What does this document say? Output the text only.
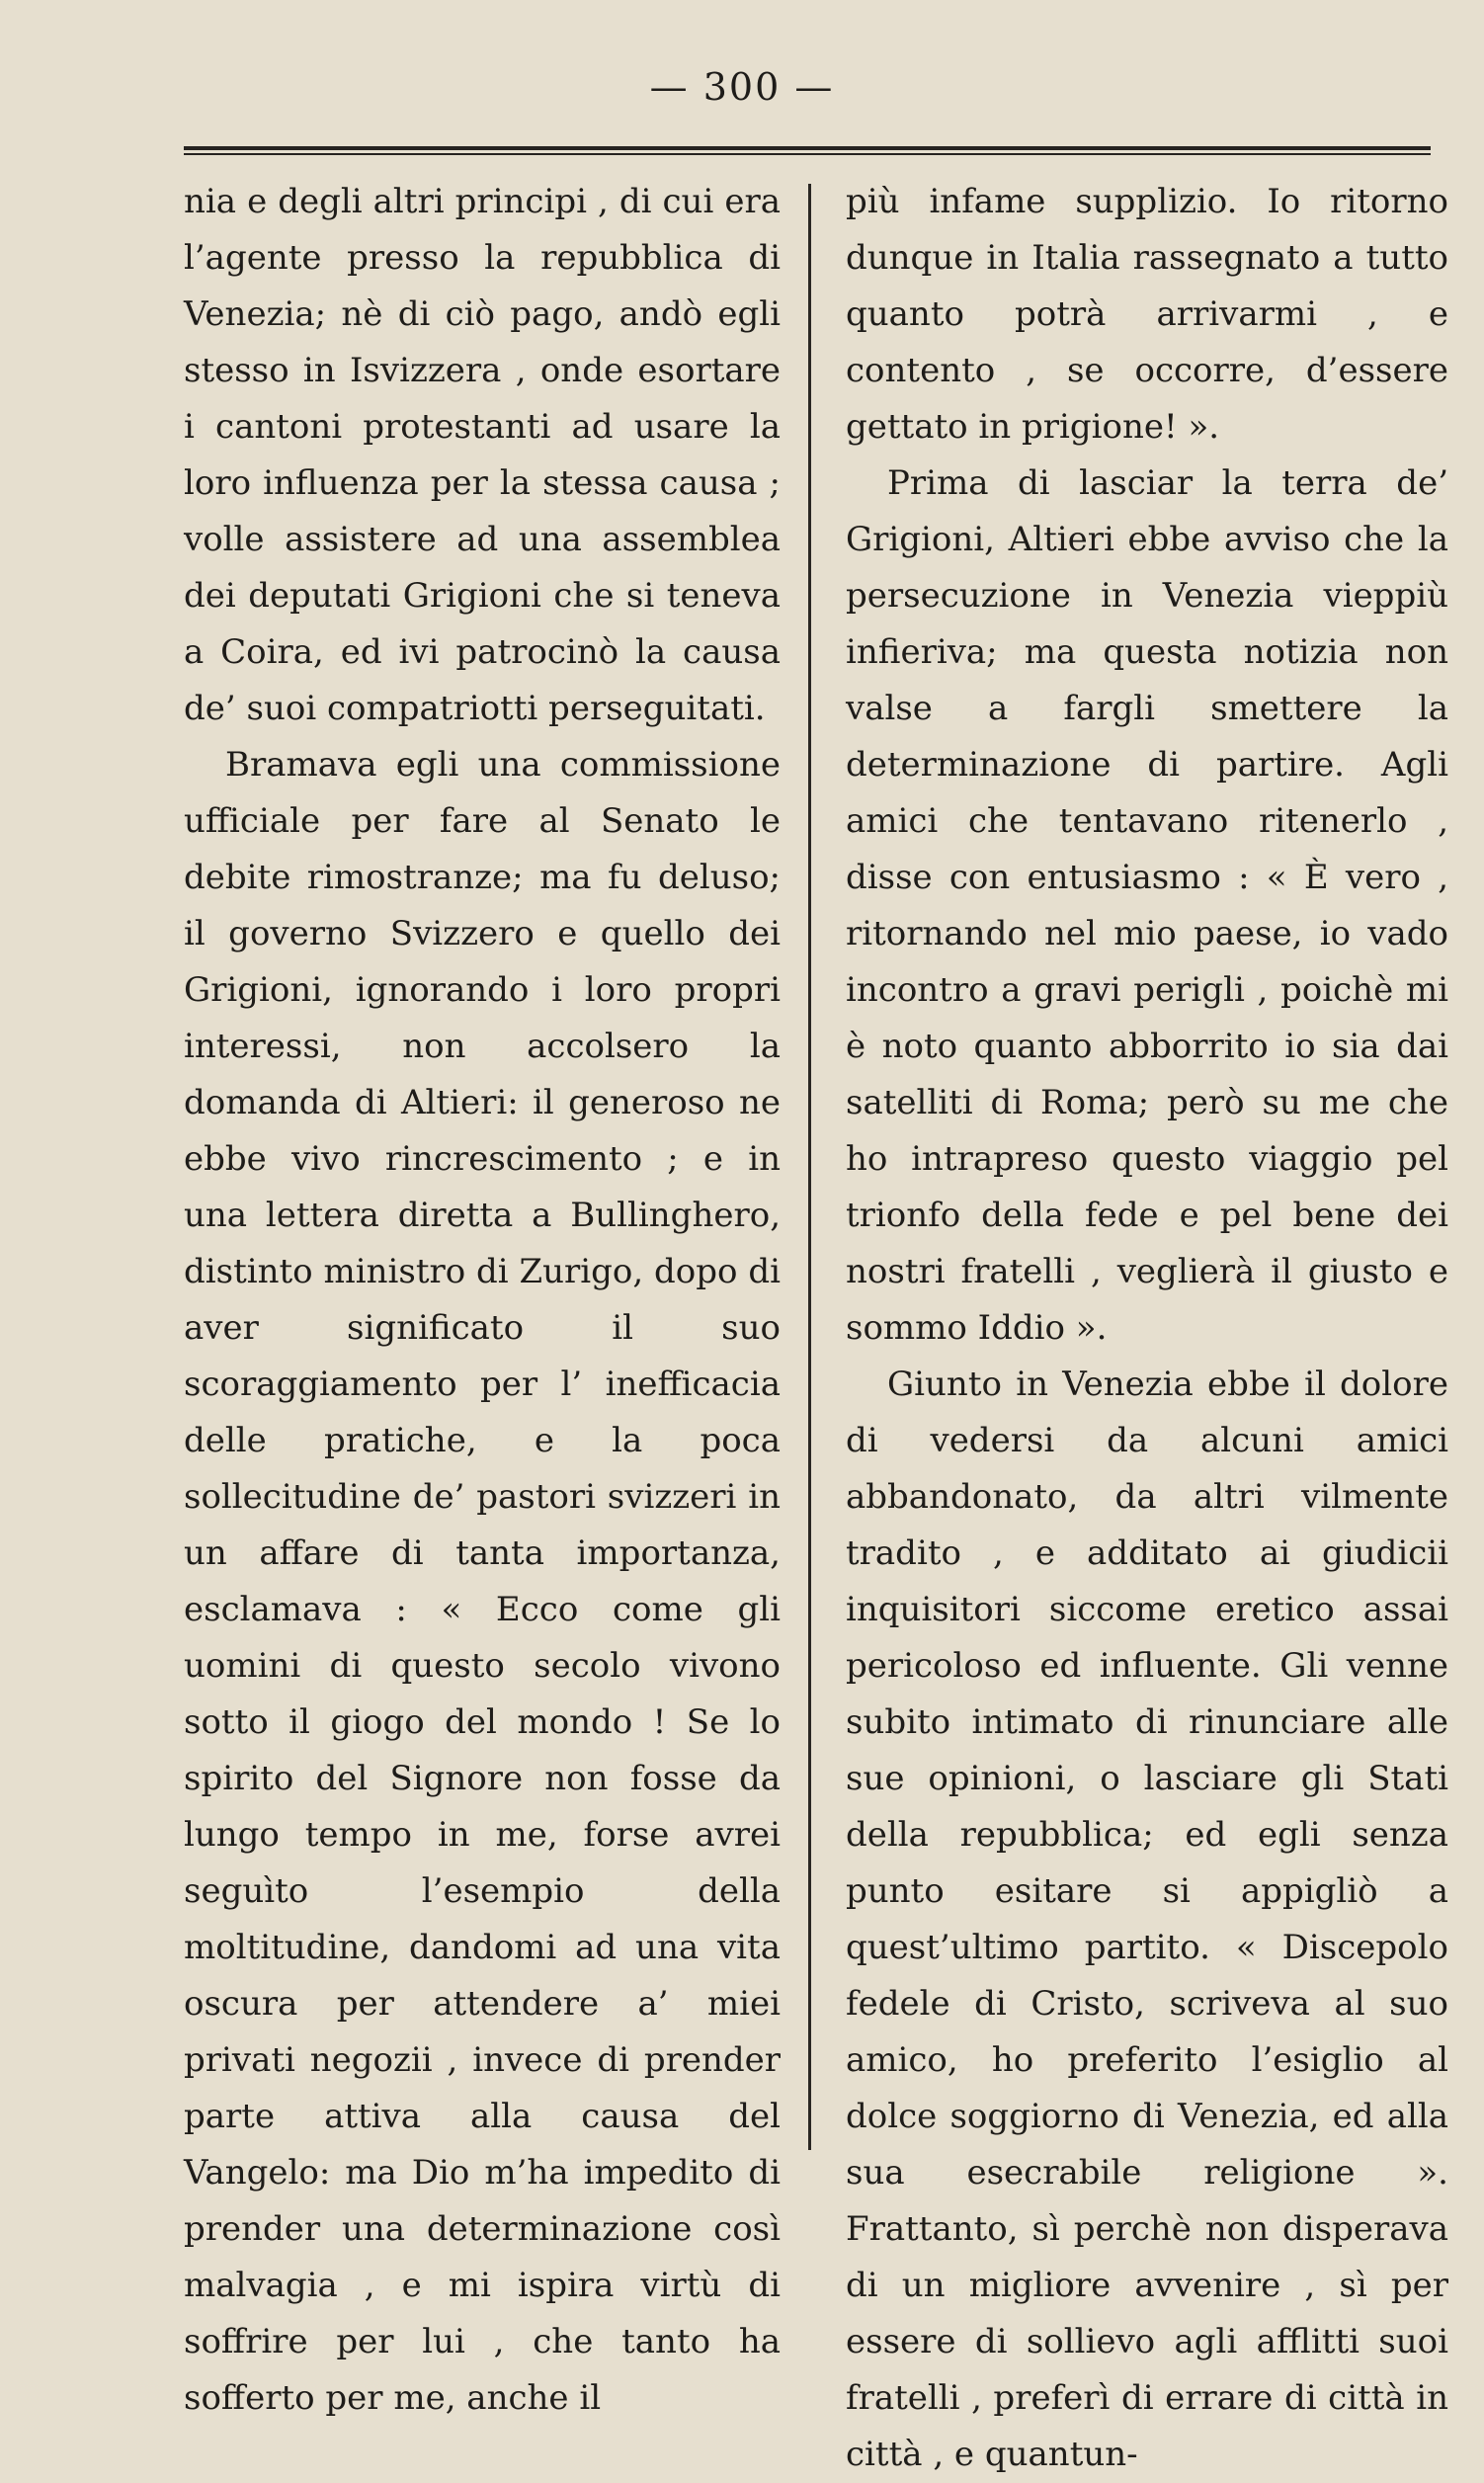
— 300 —

nia e degli altri principi , di cui era l’agente presso la repubblica di Venezia; nè di ciò pago, andò egli stesso in Isvizzera , onde esortare i cantoni protestanti ad usare la loro influenza per la stessa causa ; volle assistere ad una assemblea dei deputati Grigioni che si teneva a Coira, ed ivi patrocinò la causa de’ suoi compatriotti perseguitati.

Bramava egli una commissione ufficiale per fare al Senato le debite rimostranze; ma fu deluso; il governo Svizzero e quello dei Grigioni, ignorando i loro propri interessi, non accolsero la domanda di Altieri: il generoso ne ebbe vivo rincrescimento ; e in una lettera diretta a Bullinghero, distinto ministro di Zurigo, dopo di aver significato il suo scoraggiamento per l’ inefficacia delle pratiche, e la poca sollecitudine de’ pastori svizzeri in un affare di tanta importanza, esclamava : « Ecco come gli uomini di questo secolo vivono sotto il giogo del mondo ! Se lo spirito del Signore non fosse da lungo tempo in me, forse avrei seguìto l’esempio della moltitudine, dandomi ad una vita oscura per attendere a’ miei privati negozii , invece di prender parte attiva alla causa del Vangelo: ma Dio m’ha impedito di prender una determinazione così malvagia , e mi ispira virtù di soffrire per lui , che tanto ha sofferto per me, anche il

più infame supplizio. Io ritorno dunque in Italia rassegnato a tutto quanto potrà arrivarmi , e contento , se occorre, d’essere gettato in prigione! ».

Prima di lasciar la terra de’ Grigioni, Altieri ebbe avviso che la persecuzione in Venezia vieppiù infieriva; ma questa notizia non valse a fargli smettere la determinazione di partire. Agli amici che tentavano ritenerlo , disse con entusiasmo : « È vero , ritornando nel mio paese, io vado incontro a gravi perigli , poichè mi è noto quanto abborrito io sia dai satelliti di Roma; però su me che ho intrapreso questo viaggio pel trionfo della fede e pel bene dei nostri fratelli , veglierà il giusto e sommo Iddio ».

Giunto in Venezia ebbe il dolore di vedersi da alcuni amici abbandonato, da altri vilmente tradito , e additato ai giudicii inquisitori siccome eretico assai pericoloso ed influente. Gli venne subito intimato di rinunciare alle sue opinioni, o lasciare gli Stati della repubblica; ed egli senza punto esitare si appigliò a quest’ultimo partito. « Discepolo fedele di Cristo, scriveva al suo amico, ho preferito l’esiglio al dolce soggiorno di Venezia, ed alla sua esecrabile religione ». Frattanto, sì perchè non disperava di un migliore avvenire , sì per essere di sollievo agli afflitti suoi fratelli , preferì di errare di città in città , e quantun-
